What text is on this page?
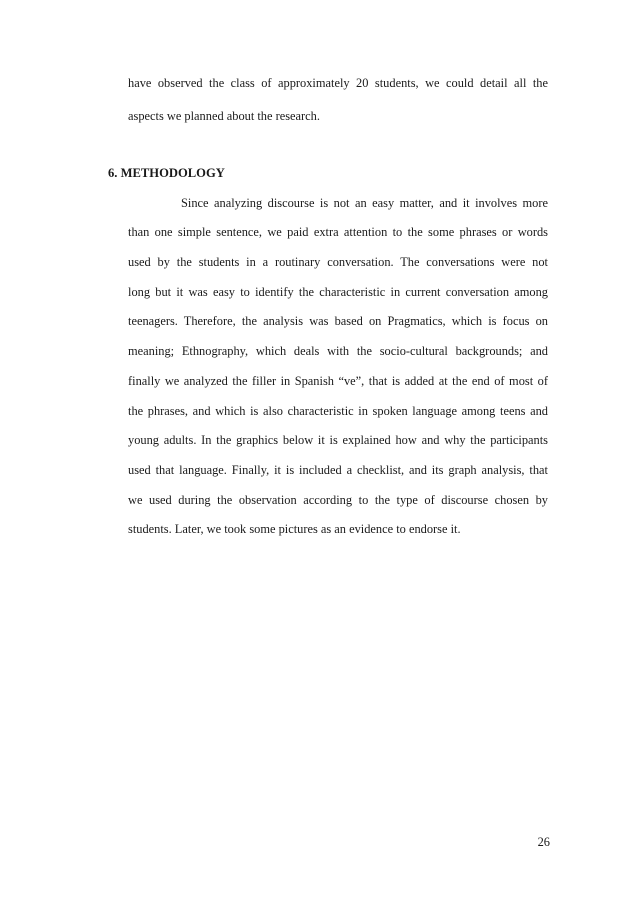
have observed the class of approximately 20 students, we could detail all the
aspects we planned about the research.
6. METHODOLOGY
Since analyzing discourse is not an easy matter, and it involves more
than one simple sentence, we paid extra attention to the some phrases or words
used by the students in a routinary conversation. The conversations were not
long but it was easy to identify the characteristic in current conversation among
teenagers. Therefore, the analysis was based on Pragmatics, which is focus on
meaning; Ethnography, which deals with the socio-cultural backgrounds; and
finally we analyzed the filler in Spanish “ve”, that is added at the end of most of
the phrases, and which is also characteristic in spoken language among teens and
young adults. In the graphics below it is explained how and why the participants
used that language. Finally, it is included a checklist, and its graph analysis, that
we used during the observation according to the type of discourse chosen by
students. Later, we took some pictures as an evidence to endorse it.
26
